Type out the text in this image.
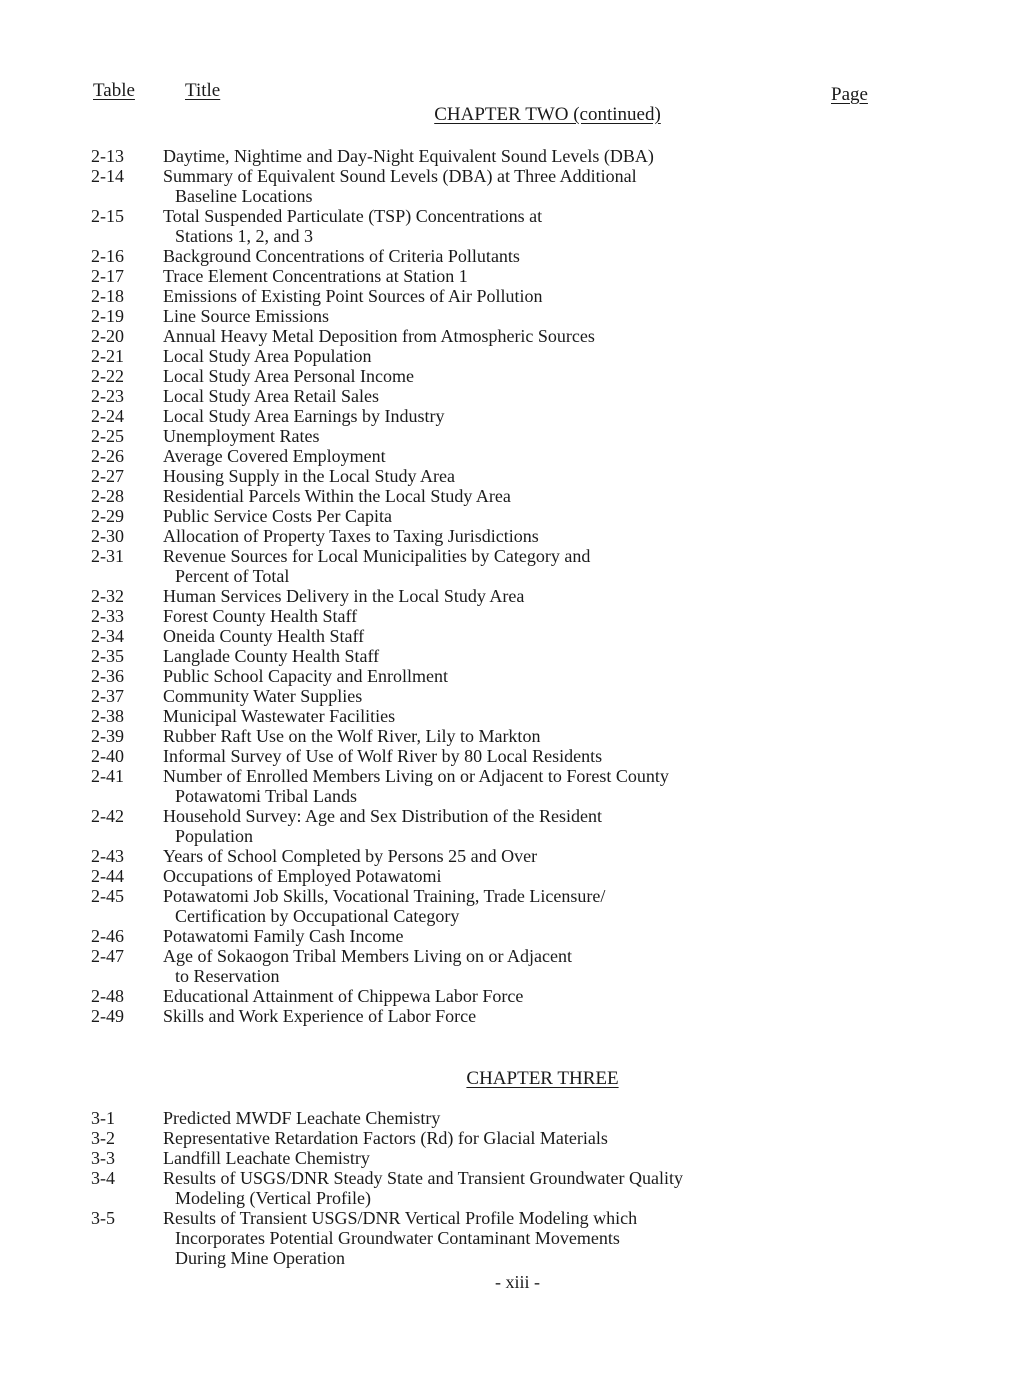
Table	Title	Page
CHAPTER TWO (continued)
2-13 Daytime, Nightime and Day-Night Equivalent Sound Levels (DBA)
2-14 Summary of Equivalent Sound Levels (DBA) at Three Additional
Baseline Locations
2-15 Total Suspended Particulate (TSP) Concentrations at
Stations 1, 2, and 3
2-16 Background Concentrations of Criteria Pollutants
2-17 Trace Element Concentrations at Station 1
2-18 Emissions of Existing Point Sources of Air Pollution
2-19 Line Source Emissions
2-20 Annual Heavy Metal Deposition from Atmospheric Sources
2-21 Local Study Area Population
2-22 Local Study Area Personal Income
2-23 Local Study Area Retail Sales
2-24 Local Study Area Earnings by Industry
2-25 Unemployment Rates
2-26 Average Covered Employment
2-27 Housing Supply in the Local Study Area
2-28 Residential Parcels Within the Local Study Area
2-29 Public Service Costs Per Capita
2-30 Allocation of Property Taxes to Taxing Jurisdictions
2-31 Revenue Sources for Local Municipalities by Category and
Percent of Total
2-32 Human Services Delivery in the Local Study Area
2-33 Forest County Health Staff
2-34 Oneida County Health Staff
2-35 Langlade County Health Staff
2-36 Public School Capacity and Enrollment
2-37 Community Water Supplies
2-38 Municipal Wastewater Facilities
2-39 Rubber Raft Use on the Wolf River, Lily to Markton
2-40 Informal Survey of Use of Wolf River by 80 Local Residents
2-41 Number of Enrolled Members Living on or Adjacent to Forest County
Potawatomi Tribal Lands
2-42 Household Survey: Age and Sex Distribution of the Resident
Population
2-43 Years of School Completed by Persons 25 and Over
2-44 Occupations of Employed Potawatomi
2-45 Potawatomi Job Skills, Vocational Training, Trade Licensure/
Certification by Occupational Category
2-46 Potawatomi Family Cash Income
2-47 Age of Sokaogon Tribal Members Living on or Adjacent
to Reservation
2-48 Educational Attainment of Chippewa Labor Force
2-49 Skills and Work Experience of Labor Force
CHAPTER THREE
3-1	Predicted MWDF Leachate Chemistry
3-2	Representative Retardation Factors (Rd) for Glacial Materials
3-3	Landfill Leachate Chemistry
3-4	Results of USGS/DNR Steady State and Transient Groundwater Quality
Modeling (Vertical Profile)
3-5	Results of Transient USGS/DNR Vertical Profile Modeling which
Incorporates Potential Groundwater Contaminant Movements
During Mine Operation
- xiii -
